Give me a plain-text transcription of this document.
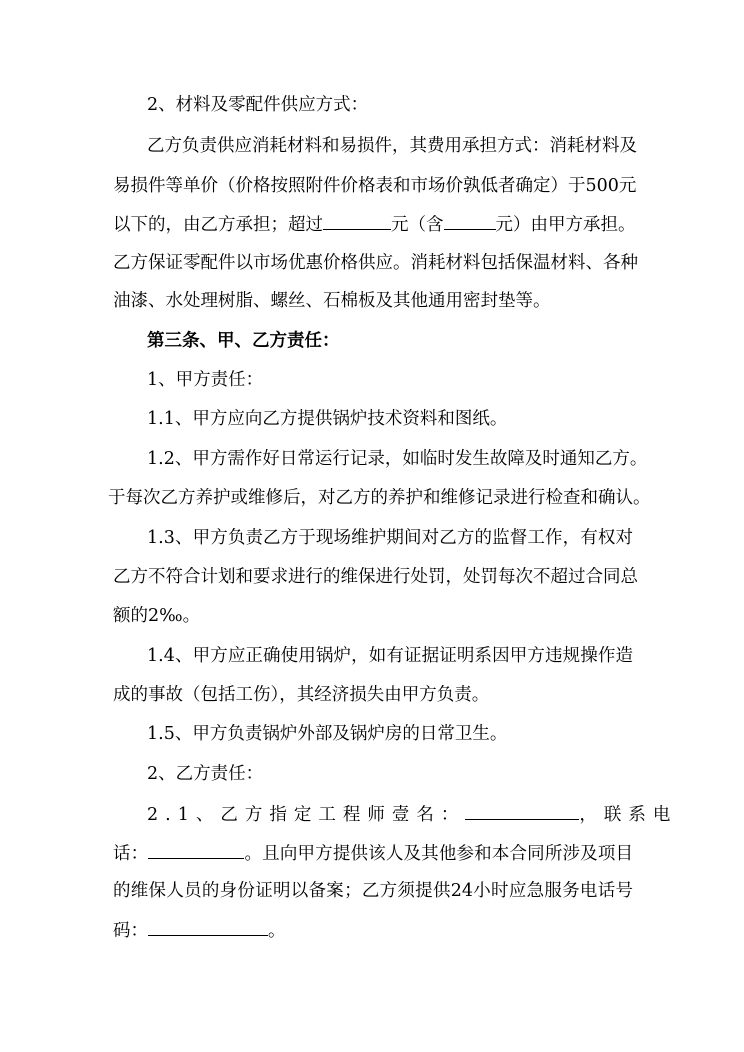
2、材料及零配件供应方式：

乙方负责供应消耗材料和易损件，其费用承担方式：消耗材料及

易损件等单价（价格按照附件价格表和市场价孰低者确定）于500元

以下的，由乙方承担；超过	元（含	元）由甲方承担。

乙方保证零配件以市场优惠价格供应。消耗材料包括保温材料、各种

油漆、水处理树脂、螺丝、石棉板及其他通用密封垫等。

第三条、甲、乙方责任：

1、甲方责任：

1.1、甲方应向乙方提供锅炉技术资料和图纸。

1.2、甲方需作好日常运行记录，如临时发生故障及时通知乙方。

于每次乙方养护或维修后，对乙方的养护和维修记录进行检查和确认。

1.3、甲方负责乙方于现场维护期间对乙方的监督工作，有权对

乙方不符合计划和要求进行的维保进行处罚，处罚每次不超过合同总

额的2‰。

1.4、甲方应正确使用锅炉，如有证据证明系因甲方违规操作造

成的事故（包括工伤），其经济损失由甲方负责。

1.5、甲方负责锅炉外部及锅炉房的日常卫生。

2、乙方责任：

2.1、乙方指定工程师壹名：	，联系电

话：	。且向甲方提供该人及其他参和本合同所涉及项目

的维保人员的身份证明以备案；乙方须提供24小时应急服务电话号

码：	。
